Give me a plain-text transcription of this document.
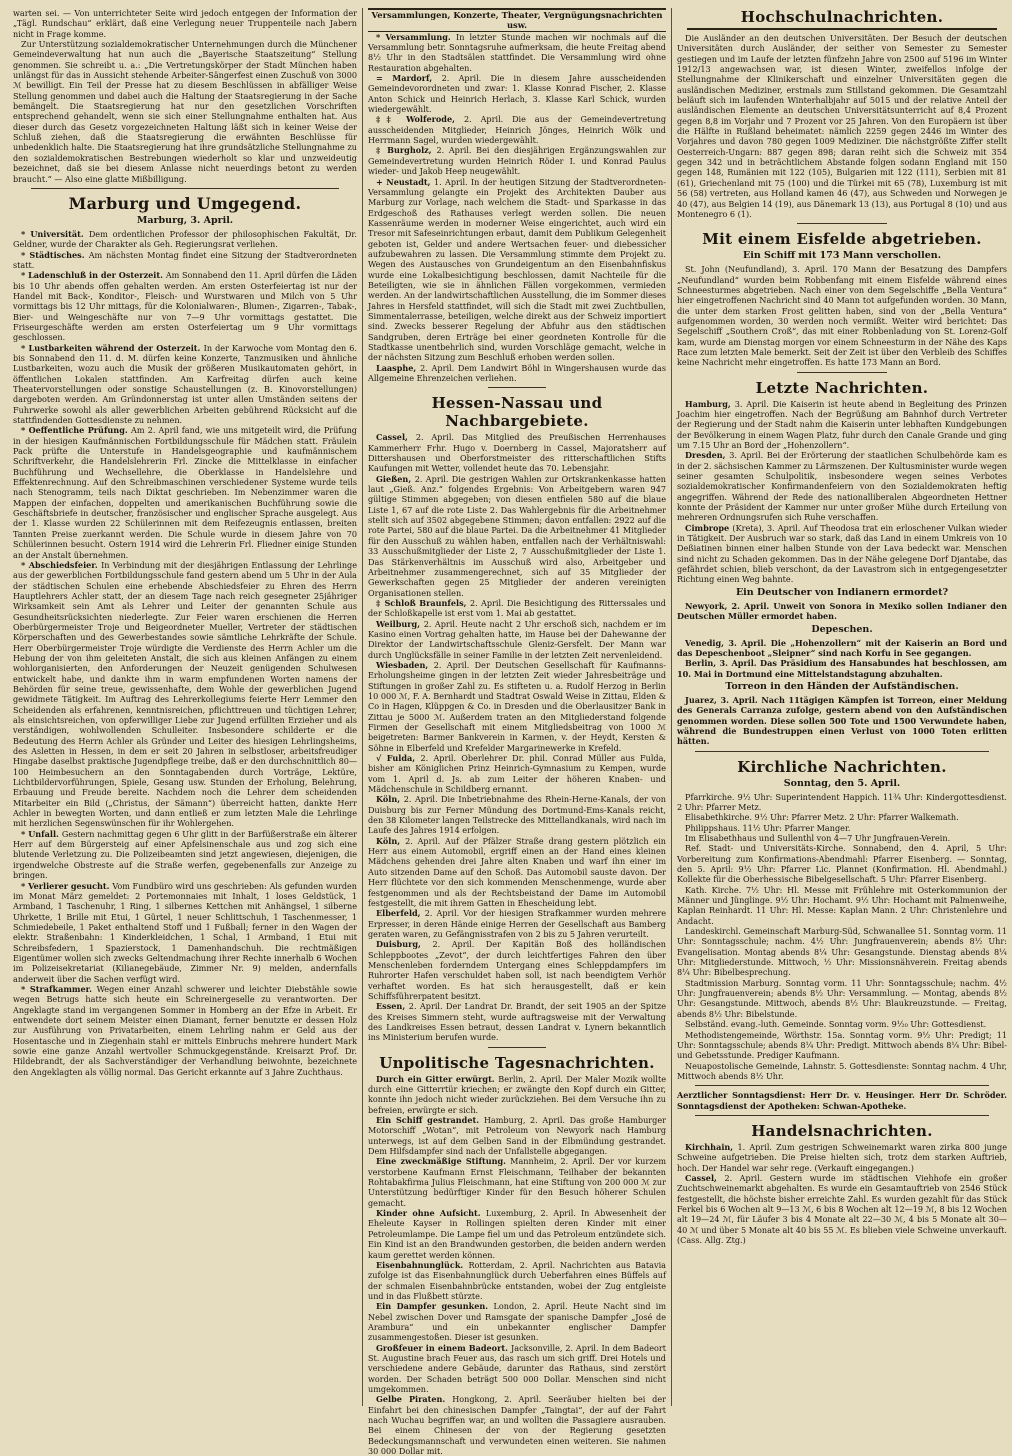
warten sei. — Von unterrichteter Seite wird jedoch entgegen der Information der „Tägl. Rundschau“ erklärt, daß eine Verlegung neuer Truppenteile nach Jabern nicht in Frage komme.

Zur Unterstützung sozialdemokratischer Unternehmungen durch die Münchener Gemeindeverwaltung hat nun auch die „Bayerische Staatszeitung“ Stellung genommen. Sie schreibt u. a.: „Die Vertretungskörper der Stadt München haben unlängst für das in Aussicht stehende Arbeiter-Sängerfest einen Zuschuß von 3000 ℳ bewilligt. Ein Teil der Presse hat zu diesem Beschlüssen in abfälliger Weise Stellung genommen und dabei auch die Haltung der Staatsregierung in der Sache bemängelt. Die Staatsregierung hat nur den gesetzlichen Vorschriften entsprechend gehandelt, wenn sie sich einer Stellungnahme enthalten hat. Aus dieser durch das Gesetz vorgezeichneten Haltung läßt sich in keiner Weise der Schluß ziehen, daß die Staatsregierung die erwähnten Beschlüsse für unbedenklich halte. Die Staatsregierung hat ihre grundsätzliche Stellungnahme zu den sozialdemokratischen Bestrebungen wiederholt so klar und unzweideutig bezeichnet, daß sie bei diesem Anlasse nicht neuerdings betont zu werden braucht.“ — Also eine glatte Mißbilligung.

Marburg und Umgegend.
Marburg, 3. April.

* Universität. Dem ordentlichen Professor der philosophischen Fakultät, Dr. Geldner, wurde der Charakter als Geh. Regierungsrat verliehen.

* Städtisches. Am nächsten Montag findet eine Sitzung der Stadtverordneten statt.

* Ladenschluß in der Osterzeit. Am Sonnabend den 11. April dürfen die Läden bis 10 Uhr abends offen gehalten werden. Am ersten Osterfeiertag ist nur der Handel mit Back-, Konditor-, Fleisch- und Wurstwaren und Milch von 5 Uhr vormittags bis 12 Uhr mittags, für die Kolonialwaren-, Blumen-, Zigarren-, Tabak-, Bier- und Weingeschäfte nur von 7—9 Uhr vormittags gestattet. Die Friseurgeschäfte werden am ersten Osterfeiertag um 9 Uhr vormittags geschlossen.

* Lustbarkeiten während der Osterzeit. In der Karwoche vom Montag den 6. bis Sonnabend den 11. d. M. dürfen keine Konzerte, Tanzmusiken und ähnliche Lustbarkeiten, wozu auch die Musik der größeren Musikautomaten gehört, in öffentlichen Lokalen stattfinden. Am Karfreitag dürfen auch keine Theatervorstellungen oder sonstige Schaustellungen (z. B. Kinovorstellungen) dargeboten werden. Am Gründonnerstag ist unter allen Umständen seitens der Fuhrwerke sowohl als aller gewerblichen Arbeiten gebührend Rücksicht auf die stattfindenden Gottesdienste zu nehmen.

* Oeffentliche Prüfung. Am 2. April fand, wie uns mitgeteilt wird, die Prüfung in der hiesigen Kaufmännischen Fortbildungsschule für Mädchen statt. Fräulein Pack prüfte die Unterstufe in Handelsgeographie und kaufmännischem Schriftverkehr, die Handelslehrerin Frl. Zincke die Mittelklasse in einfacher Buchführung und Wechsellehre, die Oberklasse in Handelslehre und Effektenrechnung. Auf den Schreibmaschinen verschiedener Systeme wurde teils nach Stenogramm, teils nach Diktat geschrieben. Im Nebenzimmer waren die Mappen der einfachen, doppelten und amerikanischen Buchführung sowie die Geschäftsbriefe in deutscher, französischer und englischer Sprache ausgelegt. Aus der 1. Klasse wurden 22 Schülerinnen mit dem Reifezeugnis entlassen, breiten Tannten Preise zuerkannt werden. Die Schule wurde in diesem Jahre von 70 Schülerinnen besucht. Ostern 1914 wird die Lehrerin Frl. Fliedner einige Stunden an der Anstalt übernehmen.

* Abschiedsfeier. In Verbindung mit der diesjährigen Entlassung der Lehrlinge aus der gewerblichen Fortbildungsschule fand gestern abend um 5 Uhr in der Aula der städtischen Schulen eine erhebende Abschiedsfeier zu Ehren des Herrn Hauptlehrers Achler statt, der an diesem Tage nach reich gesegneter 25jähriger Wirksamkeit sein Amt als Lehrer und Leiter der genannten Schule aus Gesundheitsrücksichten niederlegte. Zur Feier waren erschienen die Herren Oberbürgermeister Troje und Beigeordneter Mueller, Vertreter der städtischen Körperschaften und des Gewerbestandes sowie sämtliche Lehrkräfte der Schule. Herr Oberbürgermeister Troje würdigte die Verdienste des Herrn Achler um die Hebung der von ihm geleiteten Anstalt, die sich aus kleinen Anfängen zu einem wohlorganisierten, den Anforderungen der Neuzeit genügenden Schulwesen entwickelt habe, und dankte ihm in warm empfundenen Worten namens der Behörden für seine treue, gewissenhafte, dem Wohle der gewerblichen Jugend gewidmete Tätigkeit. Im Auftrag des Lehrerkollegiums feierte Herr Lemmer den Scheidenden als erfahrenen, kenntnisreichen, pflichttreuen und tüchtigen Lehrer, als einsichtsreichen, von opferwilliger Liebe zur Jugend erfüllten Erzieher und als verständigen, wohlwollenden Schulleiter. Insbesondere schilderte er die Bedeutung des Herrn Achler als Gründer und Leiter des hiesigen Lehrlingsheims, des Asletten in Hessen, in dem er seit 20 Jahren in selbstloser, arbeitsfreudiger Hingabe daselbst praktische Jugendpflege treibe, daß er den durchschnittlich 80—100 Heimbesuchern an den Sonntagabenden durch Vorträge, Lektüre, Lichtbildervorführungen, Spiele, Gesang usw. Stunden der Erholung, Belehrung, Erbauung und Freude bereite. Nachdem noch die Lehrer dem scheidenden Mitarbeiter ein Bild („Christus, der Sämann“) überreicht hatten, dankte Herr Achler in bewegten Worten, und dann entließ er zum letzten Male die Lehrlinge mit herzlichen Segenswünschen für ihr Wohlergehen.

* Unfall. Gestern nachmittag gegen 6 Uhr glitt in der Barfüßerstraße ein älterer Herr auf dem Bürgersteig auf einer Apfelsinenschale aus und zog sich eine blutende Verletzung zu. Die Polizeibeamten sind jetzt angewiesen, diejenigen, die irgendwelche Obstreste auf die Straße werfen, gegebenenfalls zur Anzeige zu bringen.

* Verlierer gesucht. Vom Fundbüro wird uns geschrieben: Als gefunden wurden im Monat März gemeldet: 2 Portemonnaies mit Inhalt, 1 loses Geldstück, 1 Armband, 1 Taschenuhr, 1 Ring, 1 silbernes Kettchen mit Anhängsel, 1 silberne Uhrkette, 1 Brille mit Etui, 1 Gürtel, 1 neuer Schlittschuh, 1 Taschenmesser, 1 Schmiedebeile, 1 Paket enthaltend Stoff und 1 Fußball; ferner in den Wagen der elektr. Straßenbahn: 1 Kinderkleidchen, 1 Schal, 1 Armband, 1 Etui mit Schreibsfedern, 1 Spazierstock, 1 Damenhandschuh. Die rechtmäßigen Eigentümer wollen sich zwecks Geltendmachung ihrer Rechte innerhalb 6 Wochen im Polizeisekretariat (Kilianegebäude, Zimmer Nr. 9) melden, andernfalls anderweit über die Sachen verfügt wird.

* Strafkammer. Wegen einer Anzahl schwerer und leichter Diebstähle sowie wegen Betrugs hatte sich heute ein Schreinergeselle zu verantworten. Der Angeklagte stand im vergangenen Sommer in Homberg an der Efze in Arbeit. Er entwendete dort seinem Meister einen Diamant, ferner benutzte er dessen Holz zur Ausführung von Privatarbeiten, einem Lehrling nahm er Geld aus der Hosentasche und in Ziegenhain stahl er mittels Einbruchs mehrere hundert Mark sowie eine ganze Anzahl wertvoller Schmuckgegenstände. Kreisarzt Prof. Dr. Hildebrandt, der als Sachverständiger der Verhandlung beiwohnte, bezeichnete den Angeklagten als völlig normal. Das Gericht erkannte auf 3 Jahre Zuchthaus.

Versammlungen, Konzerte, Theater, Vergnügungsnachrichten usw.

* Versammlung. In letzter Stunde machen wir nochmals auf die Versammlung betr. Sonntagsruhe aufmerksam, die heute Freitag abend 8½ Uhr in den Stadtsälen stattfindet. Die Versammlung wird ohne Restauration abgehalten.

= Mardorf, 2. April. Die in diesem Jahre ausscheidenden Gemeindevorordneten und zwar: 1. Klasse Konrad Fischer, 2. Klasse Anton Schick und Heinrich Herlach, 3. Klasse Karl Schick, wurden wiedergewählt.

‡‡ Wolferode, 2. April. Die aus der Gemeindevertretung ausscheidenden Mitglieder, Heinrich Jönges, Heinrich Wölk und Herrmann Sagel, wurden wiedergewählt.

‡ Burgholz, 2. April. Bei den diesjährigen Ergänzungswahlen zur Gemeindevertretung wurden Heinrich Röder I. und Konrad Paulus wieder- und Jakob Heep neugewählt.

+ Neustadt, 1. April. In der heutigen Sitzung der Stadtverordneten-Versammlung gelangte ein Projekt des Architekten Dauber aus Marburg zur Vorlage, nach welchem die Stadt- und Sparkasse in das Erdgeschoß des Rathauses verlegt werden sollen. Die neuen Kassenräume werden in moderner Weise eingerichtet, auch wird ein Tresor mit Safeseinrichtungen erbaut, damit dem Publikum Gelegenheit geboten ist, Gelder und andere Wertsachen feuer- und diebessicher aufzubewahren zu lassen. Die Versammlung stimmte dem Projekt zu. Wegen des Austausches von Grundeigentum an den Eisenbahnfiskus wurde eine Lokalbesichtigung beschlossen, damit Nachteile für die Beteiligten, wie sie in ähnlichen Fällen vorgekommen, vermieden werden. An der landwirtschaftlichen Ausstellung, die im Sommer dieses Jahres in Hersfeld stattfindet, will sich die Stadt mit zwei Zuchtbullen, Simmentalerrasse, beteiligen, welche direkt aus der Schweiz importiert sind. Zwecks besserer Regelung der Abfuhr aus den städtischen Sandgruben, deren Erträge bei einer geordneten Kontrolle für die Stadtkasse unentbehrlich sind, wurden Vorschläge gemacht, welche in der nächsten Sitzung zum Beschluß erhoben werden sollen.

Laasphe, 2. April. Dem Landwirt Böhl in Wingershausen wurde das Allgemeine Ehrenzeichen verliehen.

Hessen-Nassau und Nachbargebiete.

Cassel, 2. April. Das Mitglied des Preußischen Herrenhauses Kammerherr Frhr. Hugo v. Doernberg in Cassel, Majoratsherr auf Dittershausen und Oberforstmeister des ritterschaftlichen Stifts Kaufungen mit Wetter, vollendet heute das 70. Lebensjahr.

Gießen, 2. April. Die gestrigen Wahlen zur Ortskrankenkasse hatten laut „Gieß. Anz.“ folgendes Ergebnis: Von Arbeitgebern waren 947 gültige Stimmen abgegeben; von diesen entfielen 580 auf die blaue Liste 1, 67 auf die rote Liste 2. Das Wahlergebnis für die Arbeitnehmer stellt sich auf 3502 abgegebene Stimmen; davon entfallen: 2922 auf die rote Partei, 580 auf die blaue Partei. Da die Arbeitnehmer 41 Mitglieder für den Ausschuß zu wählen haben, entfallen nach der Verhältniswahl: 33 Ausschußmitglieder der Liste 2, 7 Ausschußmitglieder der Liste 1. Das Stärkenverhältnis im Ausschuß wird also, Arbeitgeber und Arbeitnehmer zusammengerechnet, sich auf 35 Mitglieder der Gewerkschaften gegen 25 Mitglieder der anderen vereinigten Organisationen stellen.

‡ Schloß Braunfels, 2. April. Die Besichtigung des Ritterssales und der Schloßkapelle ist erst vom 1. Mai ab gestattet.

Weilburg, 2. April. Heute nacht 2 Uhr erschoß sich, nachdem er im Kasino einen Vortrag gehalten hatte, im Hause bei der Dahewanne der Direktor der Landwirtschaftsschule Gleniz-Gersfelt. Der Mann war durch Unglücksfälle in seiner Familie in der letzten Zeit nervenleidend.

Wiesbaden, 2. April. Der Deutschen Gesellschaft für Kaufmanns-Erholungsheime gingen in der letzten Zeit wieder Jahresbeiträge und Stiftungen in großer Zahl zu. Es stifteten u. a. Rudolf Herzog in Berlin 10 000 ℳ, F. A. Bernhardt und Stadtrat Oswald Weise in Zittau, Elden & Co in Hagen, Klüppgen & Co. in Dresden und die Oberlausitzer Bank in Zittau je 5000 ℳ. Außerdem traten an den Mitgliederstand folgende Firmen der Gesellschaft mit einem Mitgliedsbeitrag von 1000 ℳ beigetreten: Barmer Bankverein in Karmen, v. der Heydt, Kersten & Söhne in Elberfeld und Krefelder Margarinewerke in Krefeld.

√ Fulda, 2. April. Oberlehrer Dr. phil. Conrad Müller aus Fulda, bisher am Königlichen Prinz Heinrich-Gymnasium zu Kempen, wurde vom 1. April d. Js. ab zum Leiter der höheren Knaben- und Mädchenschule in Schildberg ernannt.

Köln, 2. April. Die Inbetriebnahme des Rhein-Herne-Kanals, der von Duisburg bis zur Ferner Mündung des Dortmund-Ems-Kanals reicht, den 38 Kilometer langen Teilstrecke des Mittellandkanals, wird nach im Laufe des Jahres 1914 erfolgen.

Köln, 2. April. Auf der Pfälzer Straße drang gestern plötzlich ein Herr aus einem Automobil, ergriff einen an der Hand eines kleinen Mädchens gehenden drei Jahre alten Knaben und warf ihn einer im Auto sitzenden Dame auf den Schoß. Das Automobil sauste davon. Der Herr flüchtete vor den sich kommenden Menschenmenge, wurde aber festgenommen und als der Rechtsbeistand der Dame im Automobil festgestellt, die mit ihrem Gatten in Ehescheidung lebt.

Elberfeld, 2. April. Vor der hiesigen Strafkammer wurden mehrere Erpresser, in deren Hände einige Herren der Gesellschaft aus Bamberg geraten waren, zu Gefängnisstrafen von 2 bis zu 5 Jahren verurteilt.

Duisburg, 2. April. Der Kapitän Boß des holländischen Schleppbootes „Zevot“, der durch leichtfertiges Fahren den über Menschenleben forderndem Untergang eines Schleppdampfers im Ruhrorter Hafen verschuldet haben soll, ist nach beendigtem Verhör verhaftet worden. Es hat sich herausgestellt, daß er kein Schiffsführerpatent besitzt.

Essen, 2. April. Der Landrat Dr. Brandt, der seit 1905 an der Spitze des Kreises Simmern steht, wurde auftragsweise mit der Verwaltung des Landkreises Essen betraut, dessen Landrat v. Lynern bekanntlich ins Ministerium berufen wurde.

Unpolitische Tagesnachrichten.

Durch ein Gitter erwürgt. Berlin, 2. April. Der Maler Mozik wollte durch eine Gitterrtür kriechen; er zwängte den Kopf durch ein Gitter, konnte ihn jedoch nicht wieder zurückziehen. Bei dem Versuche ihn zu befreien, erwürgte er sich.

Ein Schiff gestrandet. Hamburg, 2. April. Das große Hamburger Motorschiff „Wotan“, mit Petroleum von Newyork nach Hamburg unterwegs, ist auf dem Gelben Sand in der Elbmündung gestrandet. Dem Hilfsdampfer sind nach der Unfallstelle abgegangen.

Eine zweckmäßige Stiftung. Mannheim, 2. April. Der vor kurzem verstorbene Kaufmann Ernst Fleischmann, Teilhaber der bekannten Rohtabakfirma Julius Fleischmann, hat eine Stiftung von 200 000 ℳ zur Unterstützung bedürftiger Kinder für den Besuch höherer Schulen gemacht.

Kinder ohne Aufsicht. Luxemburg, 2. April. In Abwesenheit der Eheleute Kayser in Rollingen spielten deren Kinder mit einer Petroleumlampe. Die Lampe fiel um und das Petroleum entzündete sich. Ein Kind ist an den Brandwunden gestorben, die beiden andern werden kaum gerettet werden können.

Eisenbahnunglück. Rotterdam, 2. April. Nachrichten aus Batavia zufolge ist das Eisenbahnunglück durch Ueberfahren eines Büffels auf der schmalen Eisenbahnbrücke entstanden, wobei der Zug entgleiste und in das Flußbett stürzte.

Ein Dampfer gesunken. London, 2. April. Heute Nacht sind im Nebel zwischen Dover und Ramsgate der spanische Dampfer „José de Arambura“ und ein unbekannter englischer Dampfer zusammengestoßen. Dieser ist gesunken.

Großfeuer in einem Badeort. Jacksonville, 2. April. In dem Badeort St. Augustine brach Feuer aus, das rasch um sich griff. Drei Hotels und verschiedene andere Gebäude, darunter das Rathaus, sind zerstört worden. Der Schaden beträgt 500 000 Dollar. Menschen sind nicht umgekommen.

Gelbe Piraten. Hongkong, 2. April. Seeräuber hielten bei der Einfahrt bei den chinesischen Dampfer „Taingtai“, der auf der Fahrt nach Wuchau begriffen war, an und wollten die Passagiere ausrauben. Bei einem Chinesen der von der Regierung gesetzten Bedeckungsmannschaft und verwundeten einen weiteren. Sie nahmen 30 000 Dollar mit.

Hochschulnachrichten.

Die Ausländer an den deutschen Universitäten. Der Besuch der deutschen Universitäten durch Ausländer, der seither von Semester zu Semester gestiegen und im Laufe der letzten fünfzehn Jahre von 2500 auf 5196 im Winter 1912/13 angewachsen war, ist diesen Winter, zweifellos infolge der Stellungnahme der Klinikerschaft und einzelner Universitäten gegen die ausländischen Mediziner, erstmals zum Stillstand gekommen. Die Gesamtzahl beläuft sich im laufenden Winterhalbjahr auf 5015 und der relative Anteil der ausländischen Elemente an deutschen Universitätsunterricht auf 8,4 Prozent gegen 8,8 im Vorjahr und 7 Prozent vor 25 Jahren. Von den Europäern ist über die Hälfte in Rußland beheimatet: nämlich 2259 gegen 2446 im Winter des Vorjahres und davon 780 gegen 1009 Mediziner. Die nächstgrößte Ziffer stellt Oesterreich-Ungarn: 887 gegen 898; daran reiht sich die Schweiz mit 354 gegen 342 und in beträchtlichem Abstande folgen sodann England mit 150 gegen 148, Rumänien mit 122 (105), Bulgarien mit 122 (111), Serbien mit 81 (61), Griechenland mit 75 (100) und die Türkei mit 65 (78), Luxemburg ist mit 56 (58) vertreten, aus Holland kamen 46 (47), aus Schweden und Norwegen je 40 (47), aus Belgien 14 (19), aus Dänemark 13 (13), aus Portugal 8 (10) und aus Montenegro 6 (1).

Mit einem Eisfelde abgetrieben.
Ein Schiff mit 173 Mann verschollen.

St. John (Neufundland), 3. April. 170 Mann der Besatzung des Dampfers „Neufundland“ wurden beim Robbenfang mit einem Eisfelde während eines Schneesturmes abgetrieben. Nach einer von dem Segelschiffe „Bella Ventura“ hier eingetroffenen Nachricht sind 40 Mann tot aufgefunden worden. 30 Mann, die unter dem starken Frost gelitten haben, sind von der „Bella Ventura“ aufgenommen worden, 30 werden noch vermißt. Weiter wird berichtet: Das Segelschiff „Southern Croß“, das mit einer Robbenladung von St. Lorenz-Golf kam, wurde am Dienstag morgen vor einem Schneesturm in der Nähe des Kaps Race zum letzten Male bemerkt. Seit der Zeit ist über den Verbleib des Schiffes keine Nachricht mehr eingetroffen. Es hatte 173 Mann an Bord.

Letzte Nachrichten.

Hamburg, 3. April. Die Kaiserin ist heute abend in Begleitung des Prinzen Joachim hier eingetroffen. Nach der Begrüßung am Bahnhof durch Vertreter der Regierung und der Stadt nahm die Kaiserin unter lebhaften Kundgebungen der Bevölkerung in einem Wagen Platz, fuhr durch den Canale Grande und ging um 7.15 Uhr an Bord der „Hohenzollern“.

Dresden, 3. April. Bei der Erörterung der staatlichen Schulbehörde kam es in der 2. sächsischen Kammer zu Lärmszenen. Der Kultusminister wurde wegen seiner gesamten Schulpolitik, insbesondere wegen seines Verbotes sozialdemokratischer Konfirmandenfeiern von den Sozialdemokraten heftig angegriffen. Während der Rede des nationalliberalen Abgeordneten Hettner konnte der Präsident der Kammer nur unter großer Mühe durch Erteilung von mehreren Ordnungsrufen sich Ruhe verschaffen.

Cimbrope (Kreta), 3. April. Auf Theodosa trat ein erloschener Vulkan wieder in Tätigkeit. Der Ausbruch war so stark, daß das Land in einem Umkreis von 10 Deßiatinen binnen einer halben Stunde von der Lava bedeckt war. Menschen sind nicht zu Schaden gekommen. Das in der Nähe gelegene Dorf Djantabe, das gefährdet schien, blieb verschont, da der Lavastrom sich in entgegengesetzter Richtung einen Weg bahnte.

Ein Deutscher von Indianern ermordet?

Newyork, 2. April. Unweit von Sonora in Mexiko sollen Indianer den Deutschen Müller ermordet haben.

Depeschen.

Venedig, 3. April. Die „Hohenzollern“ mit der Kaiserin an Bord und das Depeschenboot „Sleipner“ sind nach Korfu in See gegangen.

Berlin, 3. April. Das Präsidium des Hansabundes hat beschlossen, am 10. Mai in Dortmund eine Mittelstandstagung abzuhalten.

Torreon in den Händen der Aufständischen.

Juarez, 3. April. Nach 11tägigen Kämpfen ist Torreon, einer Meldung des Generals Carranza zufolge, gestern abend von den Aufständischen genommen worden. Diese sollen 500 Tote und 1500 Verwundete haben, während die Bundestruppen einen Verlust von 1000 Toten erlitten hätten.

Kirchliche Nachrichten.
Sonntag, den 5. April.

Pfarrkirche. 9½ Uhr: Superintendent Happich. 11¾ Uhr: Kindergottesdienst. 2 Uhr: Pfarrer Metz.

Elisabethkirche. 9½ Uhr: Pfarrer Metz. 2 Uhr: Pfarrer Walkemath.

Philippshaus. 11½ Uhr: Pfarrer Manger.

Im Elisabethhaus und Sullenthl von 4—7 Uhr Jungfrauen-Verein.

Ref. Stadt- und Universitäts-Kirche. Sonnabend, den 4. April, 5 Uhr: Vorbereitung zum Konfirmations-Abendmahl: Pfarrer Eisenberg. — Sonntag, den 5. April: 9½ Uhr: Pfarrer Lic. Plannet (Konfirmation. Hl. Abendmahl.) Kollekte für die Oberhessische Bibelgesellschaft. 5 Uhr: Pfarrer Eisenberg.

Kath. Kirche. 7½ Uhr: Hl. Messe mit Frühlehre mit Osterkommunion der Männer und Jünglinge. 9½ Uhr: Hochamt. 9½ Uhr: Hochamt mit Palmenweihe, Kaplan Reinhardt. 11 Uhr: Hl. Messe: Kaplan Mann. 2 Uhr: Christenlehre und Andacht.

Landeskirchl. Gemeinschaft Marburg-Süd, Schwanallee 51. Sonntag vorm. 11 Uhr: Sonntagsschule; nachm. 4½ Uhr: Jungfrauenverein; abends 8½ Uhr: Evangelisation. Montag abends 8¼ Uhr: Gesangstunde. Dienstag abends 8¼ Uhr: Mitgliederstunde. Mittwoch, ½ Uhr: Missionsnähverein. Freitag abends 8¼ Uhr: Bibelbesprechung.

Stadtmission Marburg. Sonntag vorm. 11 Uhr: Sonntagsschule; nachm. 4½ Uhr: Jungfrauenverein; abends 8½ Uhr: Versammlung. — Montag, abends 8½ Uhr: Gesangstunde. Mittwoch, abends 8½ Uhr: Blaukreuzstunde. — Freitag, abends 8½ Uhr: Bibelstunde.

Selbständ. evang.-luth. Gemeinde. Sonntag vorm. 9½₀ Uhr: Gottesdienst.

Methodistengemeinde, Wörthstr. 15a. Sonntag vorm. 9½ Uhr: Predigt; 11 Uhr: Sonntagsschule; abends 8¼ Uhr: Predigt. Mittwoch abends 8¼ Uhr: Bibel- und Gebetsstunde. Prediger Kaufmann.

Neuapostolische Gemeinde, Lahnstr. 5. Gottesdienste: Sonntag nachm. 4 Uhr, Mittwoch abends 8½ Uhr.

Aerztlicher Sonntagsdienst: Herr Dr. v. Heusinger. Herr Dr. Schröder. Sonntagsdienst der Apotheken: Schwan-Apotheke.

Handelsnachrichten.

Kirchhain, 1. April. Zum gestrigen Schweinemarkt waren zirka 800 junge Schweine aufgetrieben. Die Preise hielten sich, trotz dem starken Auftrieb, hoch. Der Handel war sehr rege. (Verkauft eingegangen.)

Cassel, 2. April. Gestern wurde im städtischen Viehhofe ein großer Zuchtschweinemarkt abgehalten. Es wurde ein Gesamtauftrieb von 2546 Stück festgestellt, die höchste bisher erreichte Zahl. Es wurden gezahlt für das Stück Ferkel bis 6 Wochen alt 9—13 ℳ, 6 bis 8 Wochen alt 12—19 ℳ, 8 bis 12 Wochen alt 19—24 ℳ, für Läufer 3 bis 4 Monate alt 22—30 ℳ, 4 bis 5 Monate alt 30—40 ℳ und über 5 Monate alt 40 bis 55 ℳ. Es blieben viele Schweine unverkauft. (Cass. Allg. Ztg.)
